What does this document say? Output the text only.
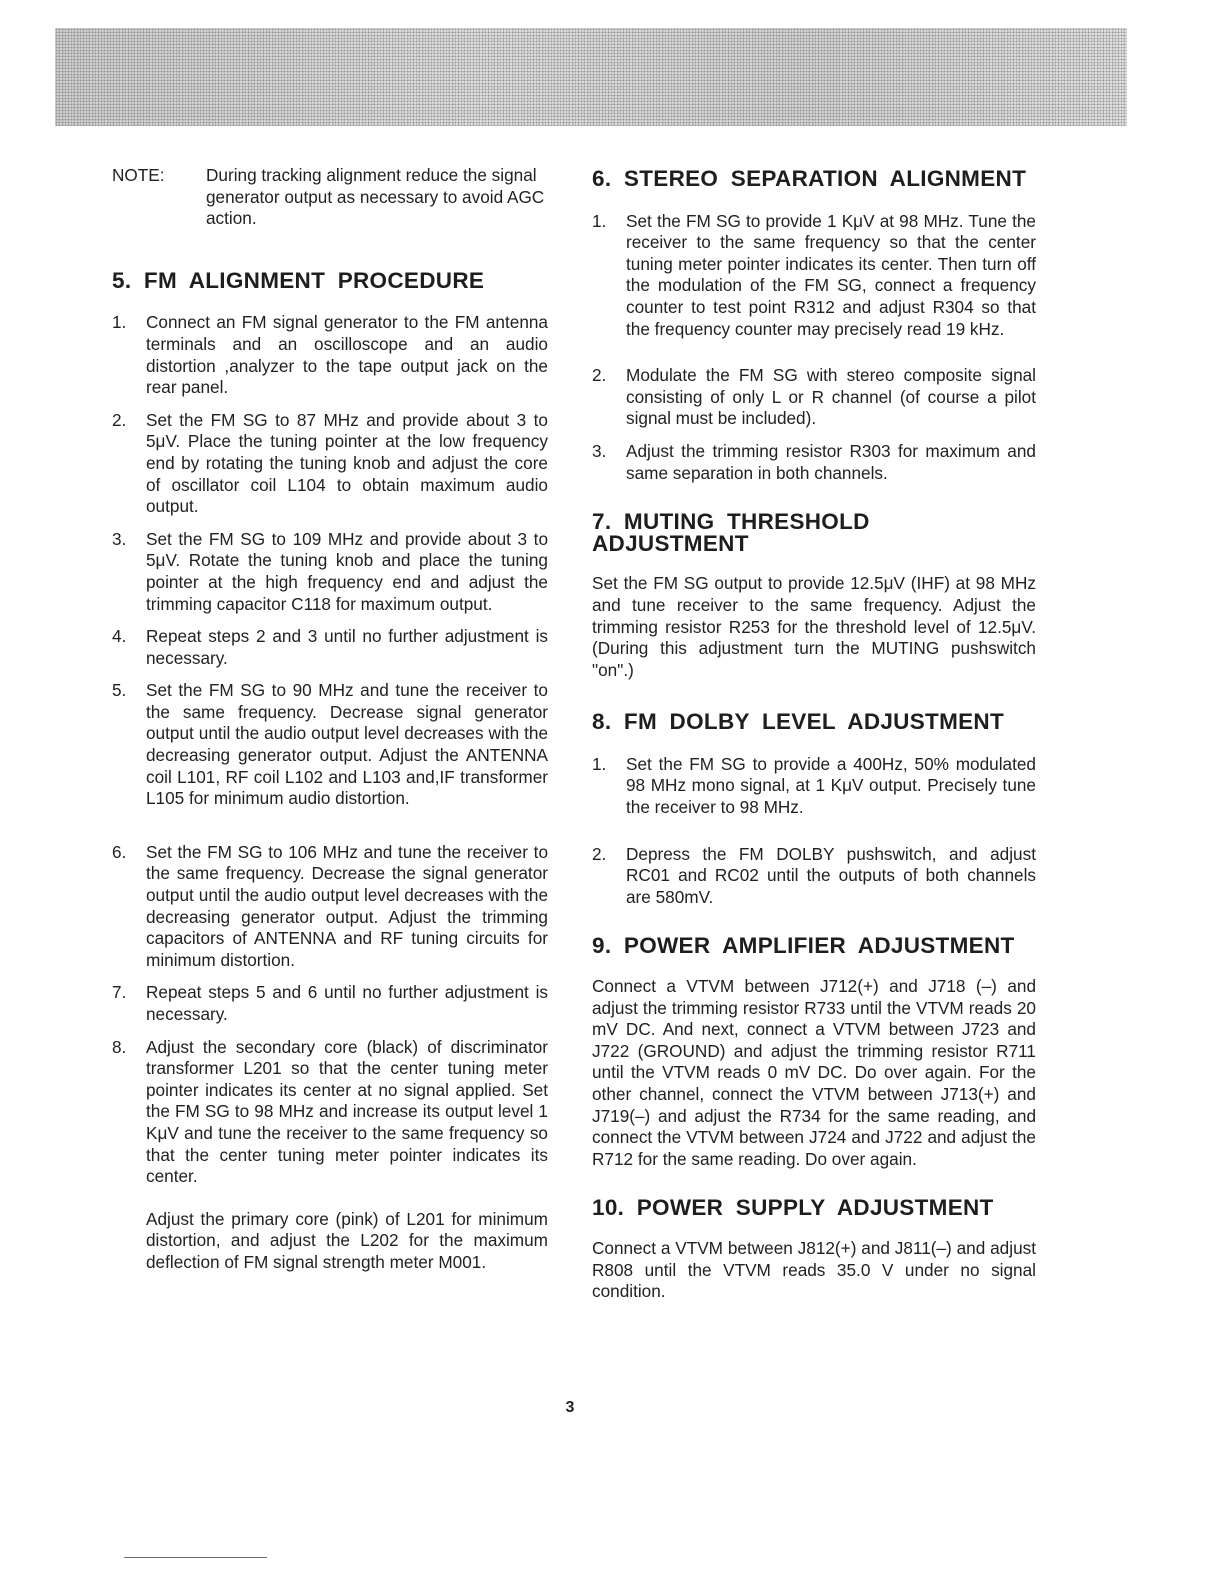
NOTE:	During tracking alignment reduce the signal generator output as necessary to avoid AGC action.
5. FM ALIGNMENT PROCEDURE
1.	Connect an FM signal generator to the FM antenna terminals and an oscilloscope and an audio distortion ,analyzer to the tape output jack on the rear panel.
2.	Set the FM SG to 87 MHz and provide about 3 to 5μV. Place the tuning pointer at the low frequency end by rotating the tuning knob and adjust the core of oscillator coil L104 to obtain maximum audio output.
3.	Set the FM SG to 109 MHz and provide about 3 to 5μV. Rotate the tuning knob and place the tuning pointer at the high frequency end and adjust the trimming capacitor C118 for maximum output.
4.	Repeat steps 2 and 3 until no further adjustment is necessary.
5.	Set the FM SG to 90 MHz and tune the receiver to the same frequency. Decrease signal generator output until the audio output level decreases with the decreasing generator output. Adjust the ANTENNA coil L101, RF coil L102 and L103 and,IF transformer L105 for minimum audio distortion.
6.	Set the FM SG to 106 MHz and tune the receiver to the same frequency. Decrease the signal generator output until the audio output level decreases with the decreasing generator output. Adjust the trimming capacitors of ANTENNA and RF tuning circuits for minimum distortion.
7.	Repeat steps 5 and 6 until no further adjustment is necessary.
8.	Adjust the secondary core (black) of discriminator transformer L201 so that the center tuning meter pointer indicates its center at no signal applied. Set the FM SG to 98 MHz and increase its output level 1 KμV and tune the receiver to the same frequency so that the center tuning meter pointer indicates its center.

Adjust the primary core (pink) of L201 for minimum distortion, and adjust the L202 for the maximum deflection of FM signal strength meter M001.

6. STEREO SEPARATION ALIGNMENT
1.	Set the FM SG to provide 1 KμV at 98 MHz. Tune the receiver to the same frequency so that the center tuning meter pointer indicates its center. Then turn off the modulation of the FM SG, connect a frequency counter to test point R312 and adjust R304 so that the frequency counter may precisely read 19 kHz.
2.	Modulate the FM SG with stereo composite signal consisting of only L or R channel (of course a pilot signal must be included).
3.	Adjust the trimming resistor R303 for maximum and same separation in both channels.
7. MUTING THRESHOLD ADJUSTMENT

Set the FM SG output to provide 12.5μV (IHF) at 98 MHz and tune receiver to the same frequency. Adjust the trimming resistor R253 for the threshold level of 12.5μV. (During this adjustment turn the MUTING pushswitch "on".)

8. FM DOLBY LEVEL ADJUSTMENT
1.	Set the FM SG to provide a 400Hz, 50% modulated 98 MHz mono signal, at 1 KμV output. Precisely tune the receiver to 98 MHz.
2.	Depress the FM DOLBY pushswitch, and adjust RC01 and RC02 until the outputs of both channels are 580mV.
9. POWER AMPLIFIER ADJUSTMENT

Connect a VTVM between J712(+) and J718 (–) and adjust the trimming resistor R733 until the VTVM reads 20 mV DC. And next, connect a VTVM between J723 and J722 (GROUND) and adjust the trimming resistor R711 until the VTVM reads 0 mV DC. Do over again. For the other channel, connect the VTVM between J713(+) and J719(–) and adjust the R734 for the same reading, and connect the VTVM between J724 and J722 and adjust the R712 for the same reading. Do over again.

10. POWER SUPPLY ADJUSTMENT

Connect a VTVM between J812(+) and J811(–) and adjust R808 until the VTVM reads 35.0 V under no signal condition.

3
